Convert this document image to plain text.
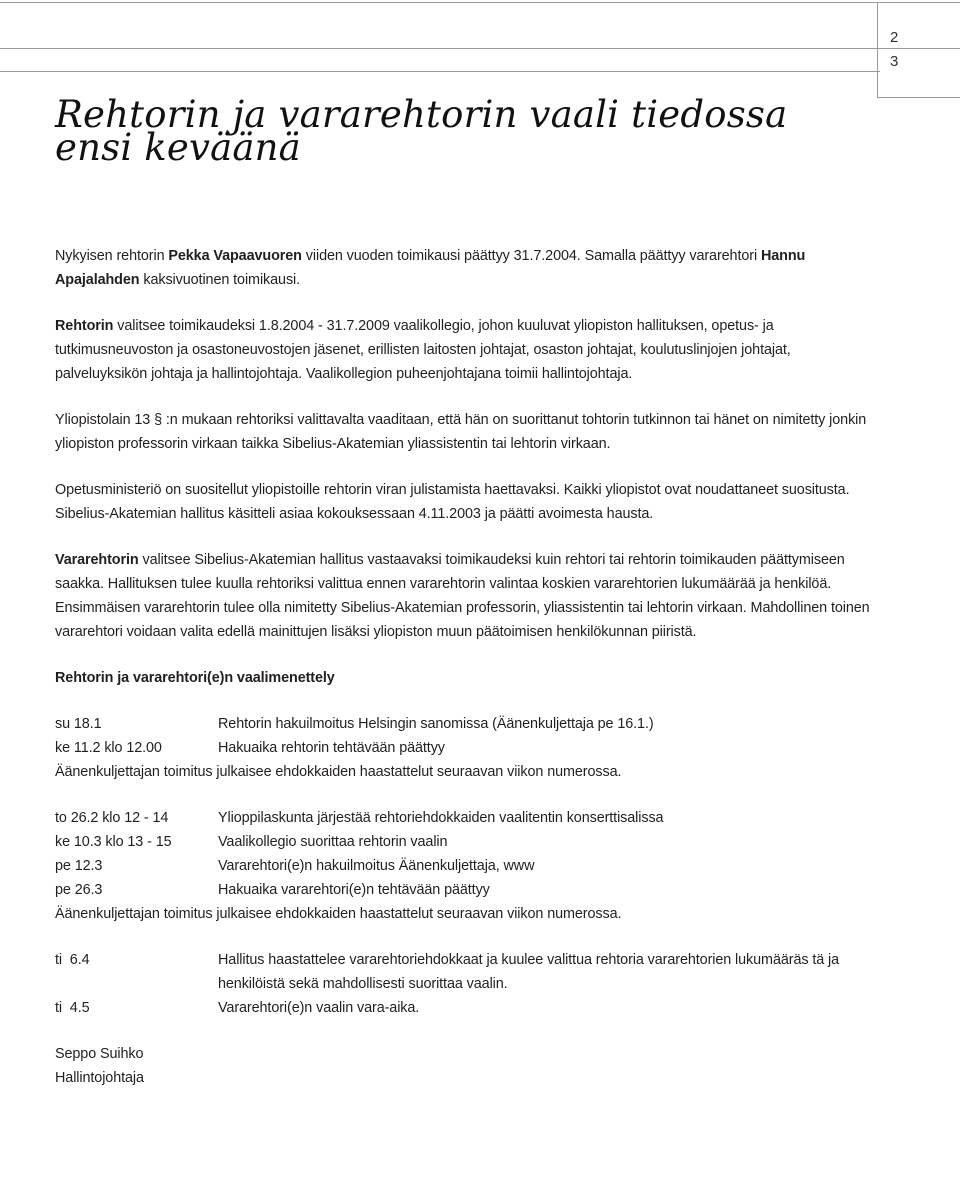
2
3
Rehtorin ja vararehtorin vaali tiedossa ensi keväänä

Nykyisen rehtorin Pekka Vapaavuoren viiden vuoden toimikausi päättyy 31.7.2004. Samalla päättyy vararehtori Hannu Apajalahden kaksivuotinen toimikausi.

Rehtorin valitsee toimikaudeksi 1.8.2004 - 31.7.2009 vaalikollegio, johon kuuluvat yliopiston hallituksen, opetus- ja tutkimusneuvoston ja osastoneuvostojen jäsenet, erillisten laitosten johtajat, osaston johtajat, koulutuslinjojen johtajat, palveluyksikön johtaja ja hallintojohtaja. Vaalikollegion puheenjohtajana toimii hallintojohtaja.

Yliopistolain 13 § :n mukaan rehtoriksi valittavalta vaaditaan, että hän on suorittanut tohtorin tutkinnon tai hänet on nimitetty jonkin yliopiston professorin virkaan taikka Sibelius-Akatemian yliassistentin tai lehtorin virkaan.

Opetusministeriö on suositellut yliopistoille rehtorin viran julistamista haettavaksi. Kaikki yliopistot ovat noudattaneet suositusta. Sibelius-Akatemian hallitus käsitteli asiaa kokouksessaan 4.11.2003 ja päätti avoimesta hausta.

Vararehtorin valitsee Sibelius-Akatemian hallitus vastaavaksi toimikaudeksi kuin rehtori tai rehtorin toimikauden päättymiseen saakka. Hallituksen tulee kuulla rehtoriksi valittua ennen vararehtorin valintaa koskien vararehtorien lukumäärää ja henkilöä. Ensimmäisen vararehtorin tulee olla nimitetty Sibelius-Akatemian professorin, yliassistentin tai lehtorin virkaan. Mahdollinen toinen vararehtori voidaan valita edellä mainittujen lisäksi yliopiston muun päätoimisen henkilökunnan piiristä.

Rehtorin ja vararehtori(e)n vaalimenettely

su 18.1	Rehtorin hakuilmoitus Helsingin sanomissa (Äänenkuljettaja pe 16.1.)
ke 11.2 klo 12.00	Hakuaika rehtorin tehtävään päättyy

Äänenkuljettajan toimitus julkaisee ehdokkaiden haastattelut seuraavan viikon numerossa.

to 26.2 klo 12 - 14	Ylioppilaskunta järjestää rehtoriehdokkaiden vaalitentin konserttisalissa
ke 10.3 klo 13 - 15	Vaalikollegio suorittaa rehtorin vaalin
pe 12.3	Vararehtori(e)n hakuilmoitus Äänenkuljettaja, www
pe 26.3	Hakuaika vararehtori(e)n tehtävään päättyy

Äänenkuljettajan toimitus julkaisee ehdokkaiden haastattelut seuraavan viikon numerossa.

ti  6.4	Hallitus haastattelee vararehtoriehdokkaat ja kuulee valittua rehtoria vararehtorien lukumääräs tä ja henkilöistä sekä mahdollisesti suorittaa vaalin.
ti  4.5	Vararehtori(e)n vaalin vara-aika.
Seppo Suihko
Hallintojohtaja
